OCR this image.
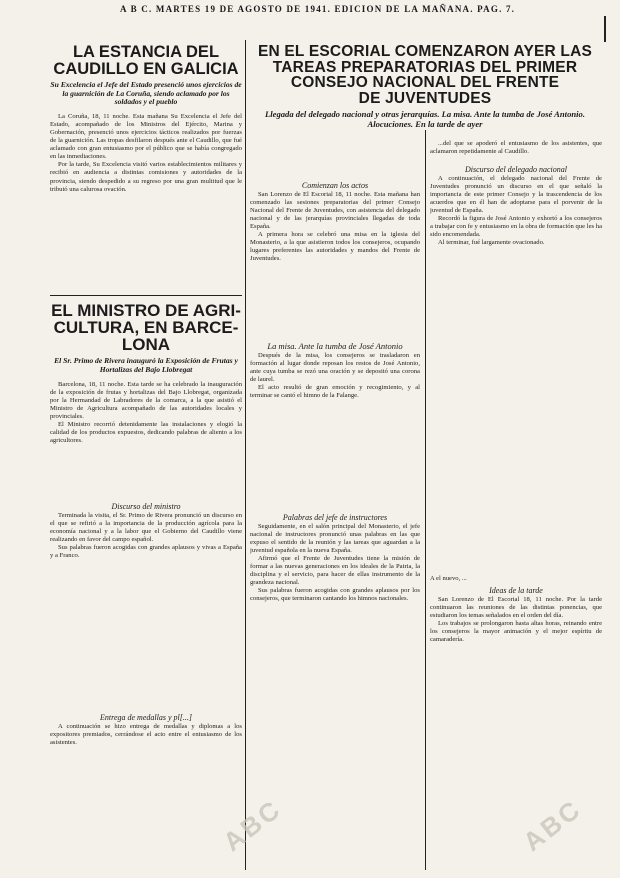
A B C. MARTES 19 DE AGOSTO DE 1941. EDICION DE LA MAÑANA. PAG. 7.
LA ESTANCIA DEL
CAUDILLO EN GALICIA
Su Excelencia el Jefe del Estado presenció unos ejercicios de la guarnición de La Coruña, siendo aclamado por los soldados y el pueblo

La Coruña, 18, 11 noche. Esta mañana Su Excelencia el Jefe del Estado, acompañado de los Ministros del Ejército, Marina y Gobernación, presenció unos ejercicios tácticos realizados por fuerzas de la guarnición. Las tropas desfilaron después ante el Caudillo, que fué aclamado con gran entusiasmo por el público que se había congregado en las inmediaciones.

Por la tarde, Su Excelencia visitó varios establecimientos militares y recibió en audiencia a distintas comisiones y autoridades de la provincia, siendo despedido a su regreso por una gran multitud que le tributó una calurosa ovación.

EL MINISTRO DE AGRI-
CULTURA, EN BARCE-
LONA
El Sr. Primo de Rivera inauguró la Exposición de Frutas y Hortalizas del Bajo Llobregat

Barcelona, 18, 11 noche. Esta tarde se ha celebrado la inauguración de la exposición de frutas y hortalizas del Bajo Llobregat, organizada por la Hermandad de Labradores de la comarca, a la que asistió el Ministro de Agricultura acompañado de las autoridades locales y provinciales.

El Ministro recorrió detenidamente las instalaciones y elogió la calidad de los productos expuestos, dedicando palabras de aliento a los agricultores.

Discurso del ministro

Terminada la visita, el Sr. Primo de Rivera pronunció un discurso en el que se refirió a la importancia de la producción agrícola para la economía nacional y a la labor que el Gobierno del Caudillo viene realizando en favor del campo español.

Sus palabras fueron acogidas con grandes aplausos y vivas a España y a Franco.

Entrega de medallas y pl[...]

A continuación se hizo entrega de medallas y diplomas a los expositores premiados, cerrándose el acto entre el entusiasmo de los asistentes.

EN EL ESCORIAL COMENZARON AYER LAS
TAREAS PREPARATORIAS DEL PRIMER
CONSEJO NACIONAL DEL FRENTE
DE JUVENTUDES
Llegada del delegado nacional y otras jerarquías. La misa. Ante la tumba de José Antonio. Alocuciones. En la tarde de ayer
Comienzan los actos

San Lorenzo de El Escorial 18, 11 noche. Esta mañana han comenzado las sesiones preparatorias del primer Consejo Nacional del Frente de Juventudes, con asistencia del delegado nacional y de las jerarquías provinciales llegadas de toda España.

A primera hora se celebró una misa en la iglesia del Monasterio, a la que asistieron todos los consejeros, ocupando lugares preferentes las autoridades y mandos del Frente de Juventudes.

La misa. Ante la tumba de José Antonio

Después de la misa, los consejeros se trasladaron en formación al lugar donde reposan los restos de José Antonio, ante cuya tumba se rezó una oración y se depositó una corona de laurel.

El acto resultó de gran emoción y recogimiento, y al terminar se cantó el himno de la Falange.

Palabras del jefe de instructores

Seguidamente, en el salón principal del Monasterio, el jefe nacional de instructores pronunció unas palabras en las que expuso el sentido de la reunión y las tareas que aguardan a la juventud española en la nueva España.

Afirmó que el Frente de Juventudes tiene la misión de formar a las nuevas generaciones en los ideales de la Patria, la disciplina y el servicio, para hacer de ellas instrumento de la grandeza nacional.

Sus palabras fueron acogidas con grandes aplausos por los consejeros, que terminaron cantando los himnos nacionales.

...del que se apoderó el entusiasmo de los asistentes, que aclamaron repetidamente al Caudillo.

Discurso del delegado nacional

A continuación, el delegado nacional del Frente de Juventudes pronunció un discurso en el que señaló la importancia de este primer Consejo y la trascendencia de los acuerdos que en él han de adoptarse para el porvenir de la juventud de España.

Recordó la figura de José Antonio y exhortó a los consejeros a trabajar con fe y entusiasmo en la obra de formación que les ha sido encomendada.

Al terminar, fué largamente ovacionado.

A el nuevo, ...
Ideas de la tarde

San Lorenzo de El Escorial 18, 11 noche. Por la tarde continuaron las reuniones de las distintas ponencias, que estudiaron los temas señalados en el orden del día.

Los trabajos se prolongaron hasta altas horas, reinando entre los consejeros la mayor animación y el mejor espíritu de camaradería.

ABC	ABC
